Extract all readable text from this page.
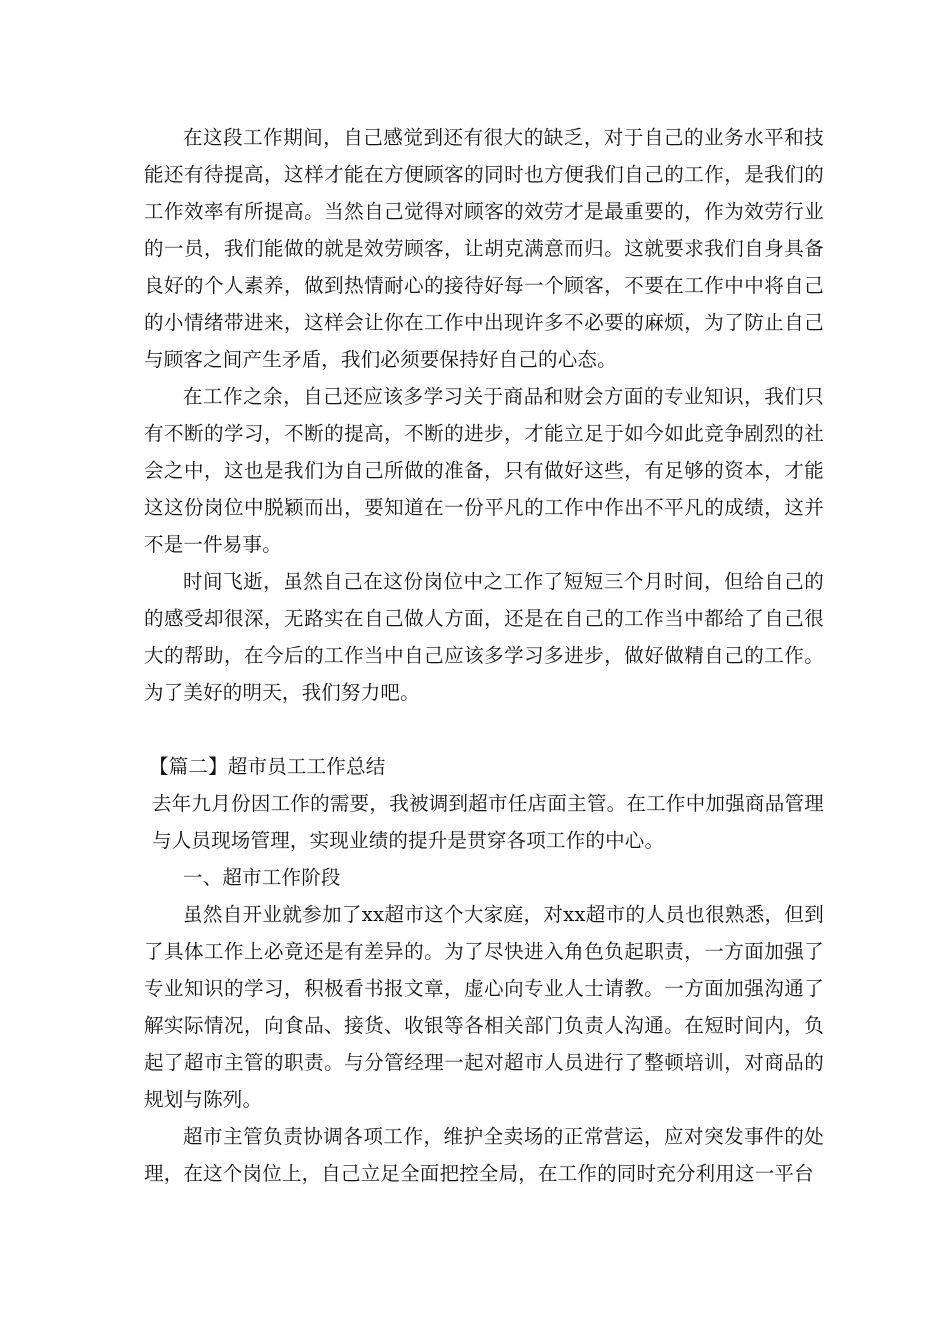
在这段工作期间，自己感觉到还有很大的缺乏，对于自己的业务水平和技能还有待提高，这样才能在方便顾客的同时也方便我们自己的工作，是我们的工作效率有所提高。当然自己觉得对顾客的效劳才是最重要的，作为效劳行业的一员，我们能做的就是效劳顾客，让胡克满意而归。这就要求我们自身具备良好的个人素养，做到热情耐心的接待好每一个顾客，不要在工作中中将自己的小情绪带进来，这样会让你在工作中出现许多不必要的麻烦，为了防止自己与顾客之间产生矛盾，我们必须要保持好自己的心态。

在工作之余，自己还应该多学习关于商品和财会方面的专业知识，我们只有不断的学习，不断的提高，不断的进步，才能立足于如今如此竞争剧烈的社会之中，这也是我们为自己所做的准备，只有做好这些，有足够的资本，才能这这份岗位中脱颖而出，要知道在一份平凡的工作中作出不平凡的成绩，这并不是一件易事。

时间飞逝，虽然自己在这份岗位中之工作了短短三个月时间，但给自己的的感受却很深，无路实在自己做人方面，还是在自己的工作当中都给了自己很大的帮助，在今后的工作当中自己应该多学习多进步，做好做精自己的工作。为了美好的明天，我们努力吧。

【篇二】超市员工工作总结

去年九月份因工作的需要，我被调到超市任店面主管。在工作中加强商品管理与人员现场管理，实现业绩的提升是贯穿各项工作的中心。

一、超市工作阶段

虽然自开业就参加了xx超市这个大家庭，对xx超市的人员也很熟悉，但到了具体工作上必竟还是有差异的。为了尽快进入角色负起职责，一方面加强了专业知识的学习，积极看书报文章，虚心向专业人士请教。一方面加强沟通了解实际情况，向食品、接货、收银等各相关部门负责人沟通。在短时间内，负起了超市主管的职责。与分管经理一起对超市人员进行了整顿培训，对商品的规划与陈列。

超市主管负责协调各项工作，维护全卖场的正常营运，应对突发事件的处理，在这个岗位上，自己立足全面把控全局，在工作的同时充分利用这一平台
